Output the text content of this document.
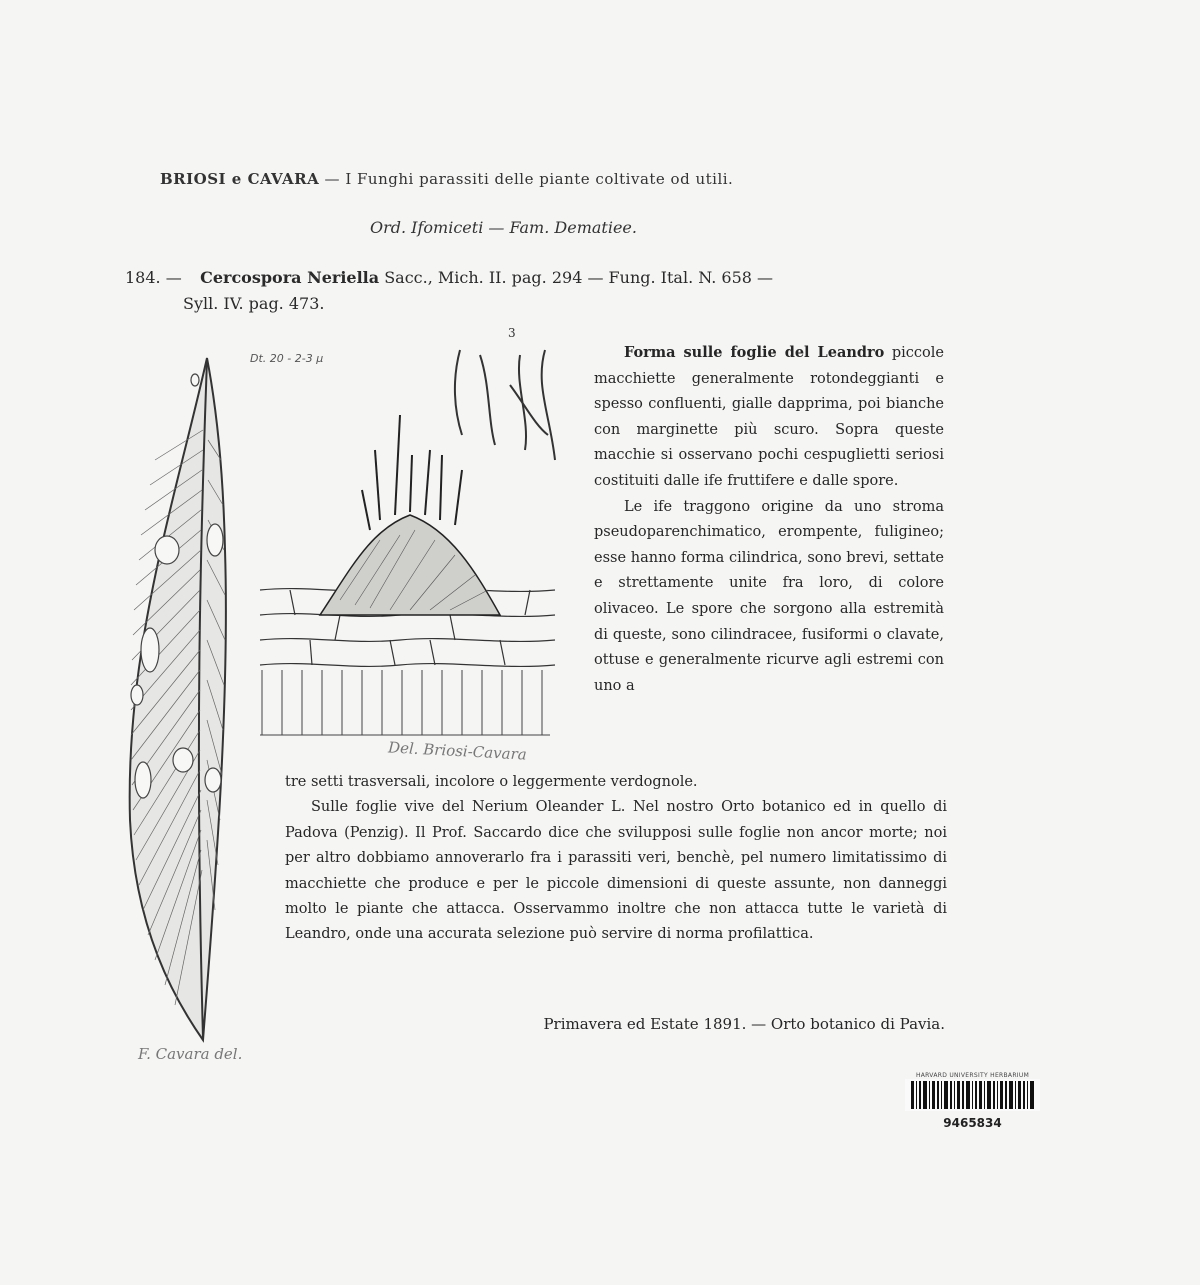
BRIOSI e CAVARA — I Funghi parassiti delle piante coltivate od utili.
Ord. Ifomiceti — Fam. Dematiee.
184. — Cercospora Neriella Sacc., Mich. II. pag. 294 — Fung. Ital. N. 658 —
Syll. IV. pag. 473.
Dt. 20 - 2-3 μ
3
Del. Briosi-Cavara

Forma sulle foglie del Leandro piccole macchiette generalmente rotondeggianti e spesso confluenti, gialle dapprima, poi bianche con marginette più scuro. Sopra queste macchie si osservano pochi cespuglietti seriosi costituiti dalle ife fruttifere e dalle spore.

Le ife traggono origine da uno stroma pseudoparenchimatico, erompente, fuligineo; esse hanno forma cilindrica, sono brevi, settate e strettamente unite fra loro, di colore olivaceo. Le spore che sorgono alla estremità di queste, sono cilindracee, fusiformi o clavate, ottuse e generalmente ricurve agli estremi con uno a

tre setti trasversali, incolore o leggermente verdognole.

Sulle foglie vive del Nerium Oleander L. Nel nostro Orto botanico ed in quello di Padova (Penzig). Il Prof. Saccardo dice che svilupposi sulle foglie non ancor morte; noi per altro dobbiamo annoverarlo fra i parassiti veri, benchè, pel numero limitatissimo di macchiette che produce e per le piccole dimensioni di queste assunte, non danneggi molto le piante che attacca. Osservammo inoltre che non attacca tutte le varietà di Leandro, onde una accurata selezione può servire di norma profilattica.

Primavera ed Estate 1891. — Orto botanico di Pavia.
F. Cavara del.
HARVARD UNIVERSITY HERBARIUM
9465834
